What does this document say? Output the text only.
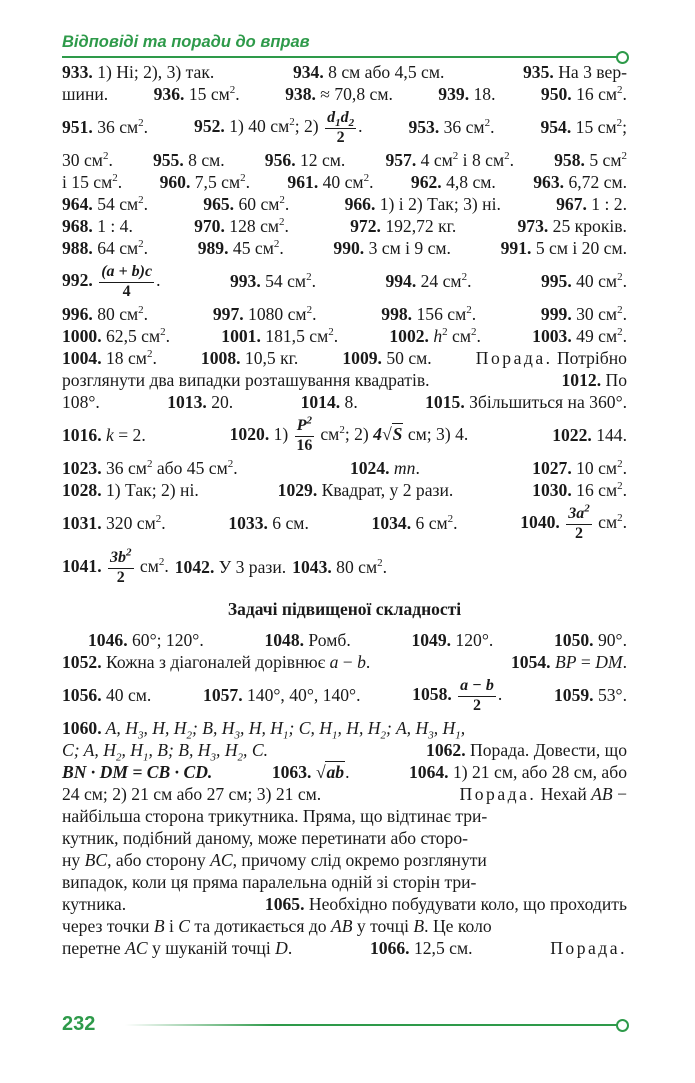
Відповіді та поради до вправ
933. 1) Ні; 2), 3) так.	934. 8 см або 4,5 см.	935. На 3 вер-
шини.	936. 15 $см^2$.	938. ≈ 70,8 см.	939. 18.	950. 16 $см^2$.
951. 36 $см^2$.	952. 1) 40 $см^2$; $2) \frac{d_1d_2}{2}$ .	953. 36 $см^2$.	954. 15 $см^2$;
30 $см^2$. 955. 8 см. 956. 12 см. 957. 4 $см^2$ і 8 $см^2$. 958. 5 $см^2$
і 15 $см^2$. 960. 7,5 $см^2$. 961. 40 $см^2$. 962. 4,8 см. 963. 6,72 см.
964. 54 $см^2$.	965. 60 $см^2$.	966. 1) і 2) Так; 3) ні.	967. 1 : 2.
968. 1 : 4.	970. 128 $см^2$.	972. 192,72 кг.	973. 25 кроків.
988. 64 $см^2$.	989. 45 $см^2$.	990. 3 см і 9 см.	991. 5 см і 20 см.
992. $\frac{(a + b)c}{4}$ .	993. 54 $см^2$.	994. 24 $см^2$.	995. 40 $см^2$.
996. 80 $см^2$.	997. 1080 $см^2$.	998. 156 $см^2$.	999. 30 $см^2$.
1000. 62,5 $см^2$.	1001. 181,5 $см^2$.	1002. $h^2$ $см^2$.	1003. 49 $см^2$.
1004. 18 $см^2$.	1008. 10,5 кг.	1009. 50 см.	Порада. Потрібно
розглянути два випадки розташування квадратів.	1012. По
108°.	1013. 20.	1014. 8.	1015. Збільшиться на 360°.
1016. k = 2.	1020. $1) \frac{P^2}{16} см^2$; 2) 4√S см; 3) 4.	1022. 144.
1023. 36 $см^2$ або 45 $см^2$.	1024. mn.	1027. 10 $см^2$.
1028. 1) Так; 2) ні.	1029. Квадрат, у 2 рази.	1030. 16 $см^2$.
1031. 320 $см^2$.	1033. 6 см.	1034. 6 $см^2$.	1040. $\frac{3a^2}{2} см^2$.
1041. $\frac{3b^2}{2} см^2$. 1042. У 3 рази. 1043. 80 $см^2$.
Задачі підвищеної складності
1046. 60°; 120°.	1048. Ромб.	1049. 120°.	1050. 90°.
1052. Кожна з діагоналей дорівнює a − b.	1054. BP = DM.
1056. 40 см.	1057. 140°, 40°, 140°.	1058. $\frac{a - b}{2}$ .	1059. 53°.
1060. A, $H_3$, H, $H_2$; B, $H_3$, H, $H_1$; C, $H_1$, H, $H_2$; A, $H_3$, $H_1$,
C; A, $H_2$, $H_1$, B; B, $H_3$, $H_2$, C.	1062. Порада. Довести, що
BN · DM = CB · CD.	1063. √ab.	1064. 1) 21 см, або 28 см, або
24 см; 2) 21 см або 27 см; 3) 21 см.	Порада. Нехай AB −
найбільша сторона трикутника. Пряма, що відтинає три-
кутник, подібний даному, може перетинати або сторо-
ну BC, або сторону AC, причому слід окремо розглянути
випадок, коли ця пряма паралельна одній зі сторін три-
кутника.	1065. Необхідно побудувати коло, що проходить
через точки B і C та дотикається до AB у точці B. Це коло
перетне AC у шуканій точці D.	1066. 12,5 см.	Порада.
232
